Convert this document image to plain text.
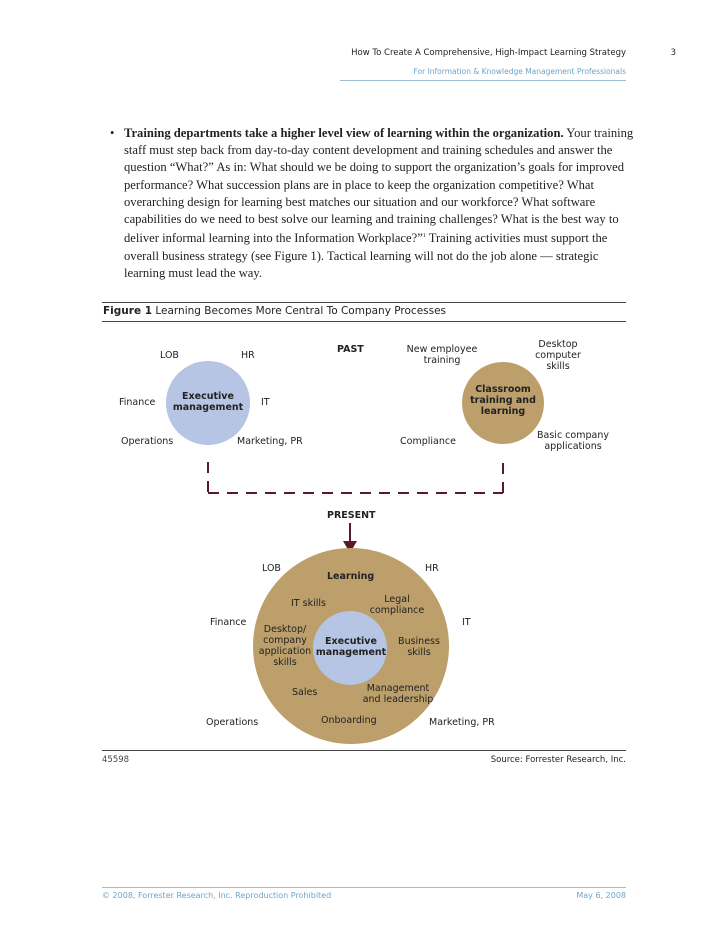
How To Create A Comprehensive, High-Impact Learning Strategy	3
For Information & Knowledge Management Professionals
• Training departments take a higher level view of learning within the organization. Your training staff must step back from day-to-day content development and training schedules and answer the question “What?” As in: What should we be doing to support the organization’s goals for improved performance? What succession plans are in place to keep the organization competitive? What overarching design for learning best matches our situation and our workforce? What software capabilities do we need to best solve our learning and training challenges? What is the best way to deliver informal learning into the Information Workplace?”$^1$ Training activities must support the overall business strategy (see Figure 1). Tactical learning will not do the job alone — strategic learning must lead the way.
Figure 1 Learning Becomes More Central To Company Processes
PAST
LOB	HR
Executive management
Finance	IT
Operations	Marketing, PR
New employee training
Desktop computer skills
Classroom training and learning
Compliance
Basic company applications
PRESENT
LOB
Learning
HR
IT skills	Legal compliance
Finance	IT
Desktop/ company application skills
Executive management
Business skills
Sales	Management and leadership
Operations	Onboarding	Marketing, PR
45598	Source: Forrester Research, Inc.
© 2008, Forrester Research, Inc. Reproduction Prohibited	May 6, 2008
